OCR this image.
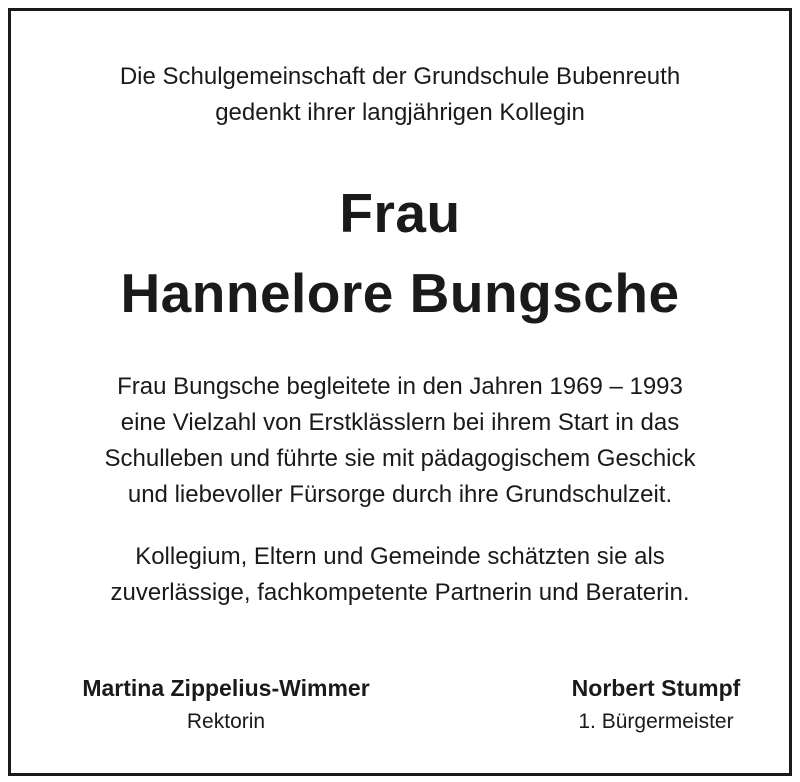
Die Schulgemeinschaft der Grundschule Bubenreuth
gedenkt ihrer langjährigen Kollegin
Frau
Hannelore Bungsche
Frau Bungsche begleitete in den Jahren 1969 – 1993
eine Vielzahl von Erstklässlern bei ihrem Start in das
Schulleben und führte sie mit pädagogischem Geschick
und liebevoller Fürsorge durch ihre Grundschulzeit.
Kollegium, Eltern und Gemeinde schätzten sie als
zuverlässige, fachkompetente Partnerin und Beraterin.
Martina Zippelius-Wimmer
Rektorin
Norbert Stumpf
1. Bürgermeister
